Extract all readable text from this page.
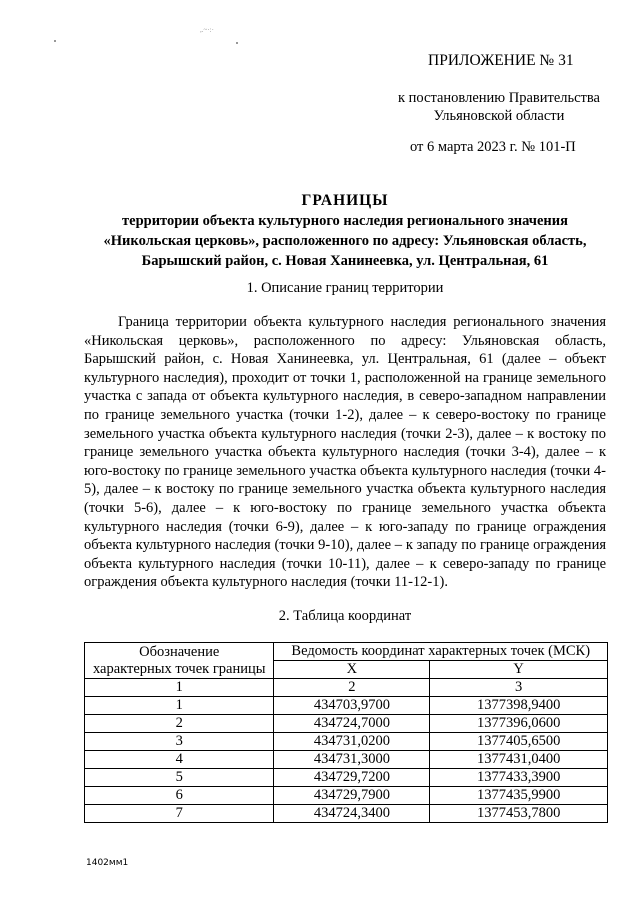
,.~·:·
ПРИЛОЖЕНИЕ № 31
к постановлению Правительства
Ульяновской области
от 6 марта 2023 г. № 101-П
ГРАНИЦЫ
территории объекта культурного наследия регионального значения
«Никольская церковь», расположенного по адресу: Ульяновская область,
Барышский район, с. Новая Ханинеевка, ул. Центральная, 61
1. Описание границ территории

Граница территории объекта культурного наследия регионального значения «Никольская церковь», расположенного по адресу: Ульяновская область, Барышский район, с. Новая Ханинеевка, ул. Центральная, 61 (далее – объект культурного наследия), проходит от точки 1, расположенной на границе земельного участка с запада от объекта культурного наследия, в северо-западном направлении по границе земельного участка (точки 1-2), далее – к северо-востоку по границе земельного участка объекта культурного наследия (точки 2-3), далее – к востоку по границе земельного участка объекта культурного наследия (точки 3-4), далее – к юго-востоку по границе земельного участка объекта культурного наследия (точки 4-5), далее – к востоку по границе земельного участка объекта культурного наследия (точки 5-6), далее – к юго-востоку по границе земельного участка объекта культурного наследия (точки 6-9), далее – к юго-западу по границе ограждения объекта культурного наследия (точки 9-10), далее – к западу по границе ограждения объекта культурного наследия (точки 10-11), далее – к северо-западу по границе ограждения объекта культурного наследия (точки 11-12-1).

2. Таблица координат
Обозначение
характерных точек границы	Ведомость координат характерных точек (МСК)	
	X	Y
1	2	3
1	434703,9700	1377398,9400
2	434724,7000	1377396,0600
3	434731,0200	1377405,6500
4	434731,3000	1377431,0400
5	434729,7200	1377433,3900
6	434729,7900	1377435,9900
7	434724,3400	1377453,7800
1402мм1
